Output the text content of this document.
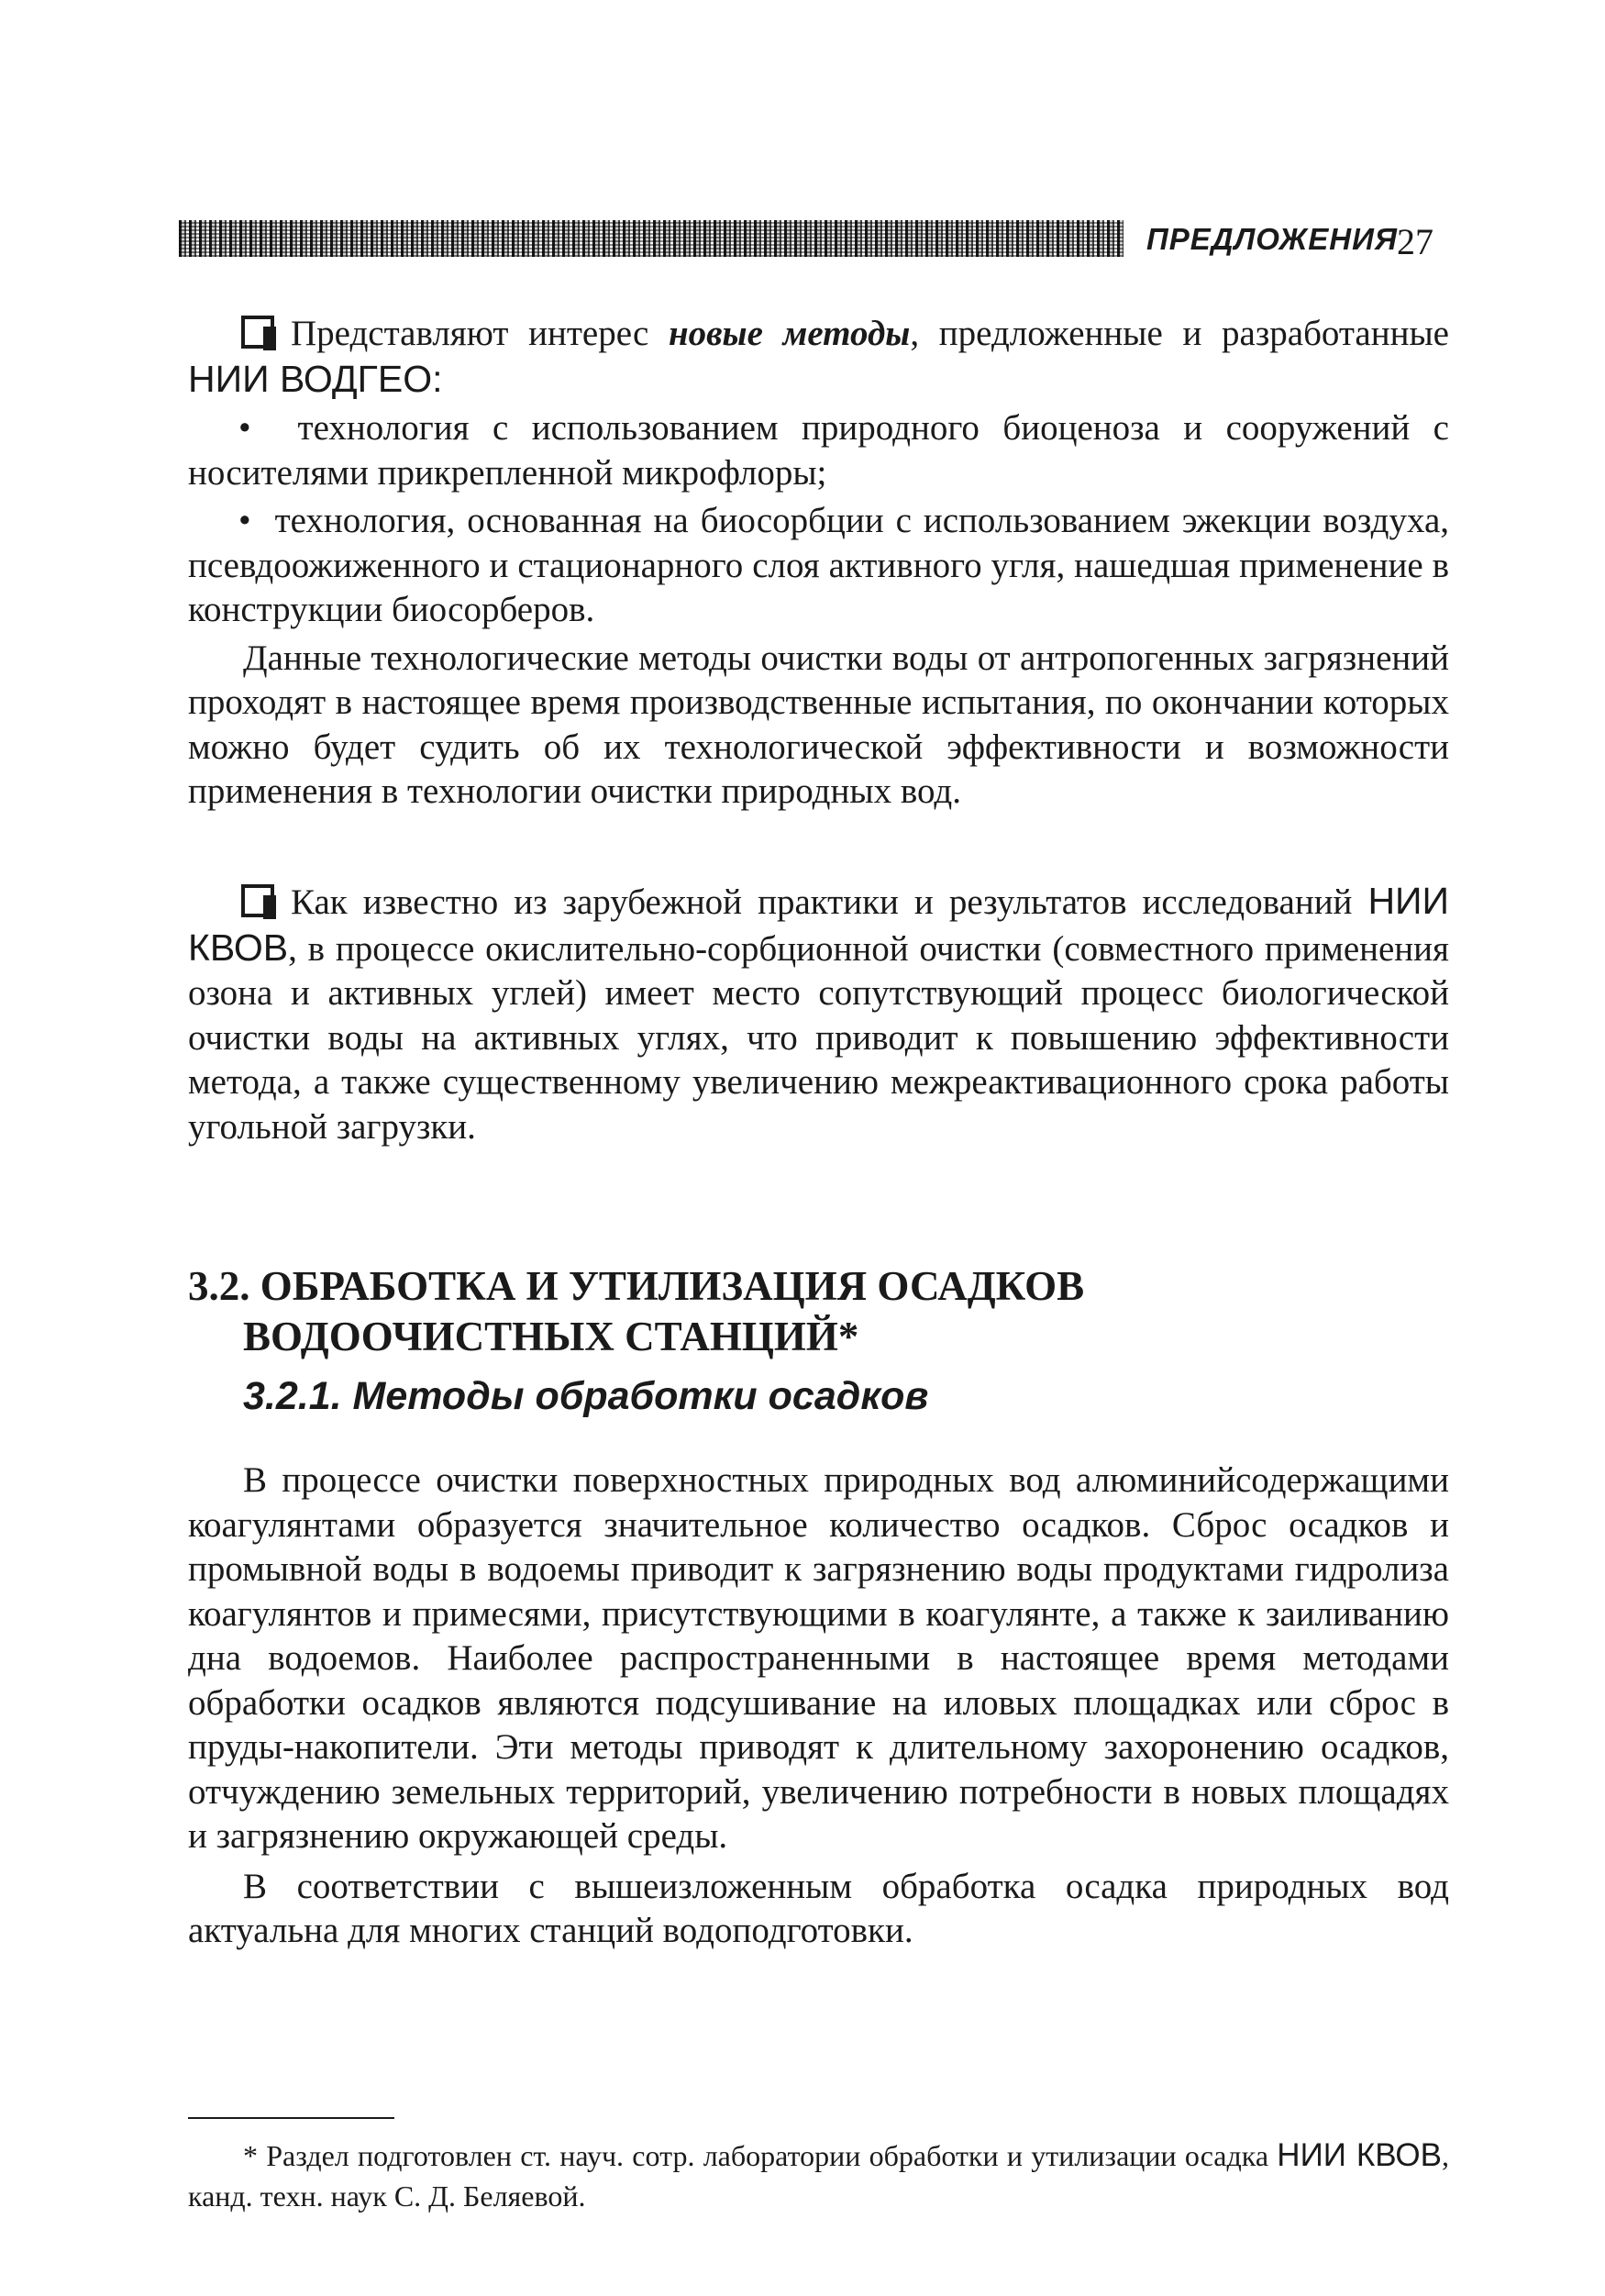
ПРЕДЛОЖЕНИЯ 27

Представляют интерес новые методы, предложенные и разработанные НИИ ВОДГЕО:

•  технология с использованием природного биоценоза и сооружений с носителями прикрепленной микрофлоры;

•  технология, основанная на биосорбции с использованием эжекции воздуха, псевдоожиженного и стационарного слоя активного угля, нашедшая применение в конструкции биосорберов.

Данные технологические методы очистки воды от антропогенных загрязнений проходят в настоящее время производственные испытания, по окончании которых можно будет судить об их технологической эффективности и возможности применения в технологии очистки природных вод.

Как известно из зарубежной практики и результатов исследований НИИ КВОВ, в процессе окислительно-сорбционной очистки (совместного применения озона и активных углей) имеет место сопутствующий процесс биологической очистки воды на активных углях, что приводит к повышению эффективности метода, а также существенному увеличению межреактивационного срока работы угольной загрузки.

3.2. ОБРАБОТКА И УТИЛИЗАЦИЯ ОСАДКОВ
ВОДООЧИСТНЫХ СТАНЦИЙ*
3.2.1. Методы обработки осадков

В процессе очистки поверхностных природных вод алюминийсодержащими коагулянтами образуется значительное количество осадков. Сброс осадков и промывной воды в водоемы приводит к загрязнению воды продуктами гидролиза коагулянтов и примесями, присутствующими в коагулянте, а также к заиливанию дна водоемов. Наиболее распространенными в настоящее время методами обработки осадков являются подсушивание на иловых площадках или сброс в пруды-накопители. Эти методы приводят к длительному захоронению осадков, отчуждению земельных территорий, увеличению потребности в новых площадях и загрязнению окружающей среды.

В соответствии с вышеизложенным обработка осадка природных вод актуальна для многих станций водоподготовки.

* Раздел подготовлен ст. науч. сотр. лаборатории обработки и утилизации осадка НИИ КВОВ, канд. техн. наук С. Д. Беляевой.
